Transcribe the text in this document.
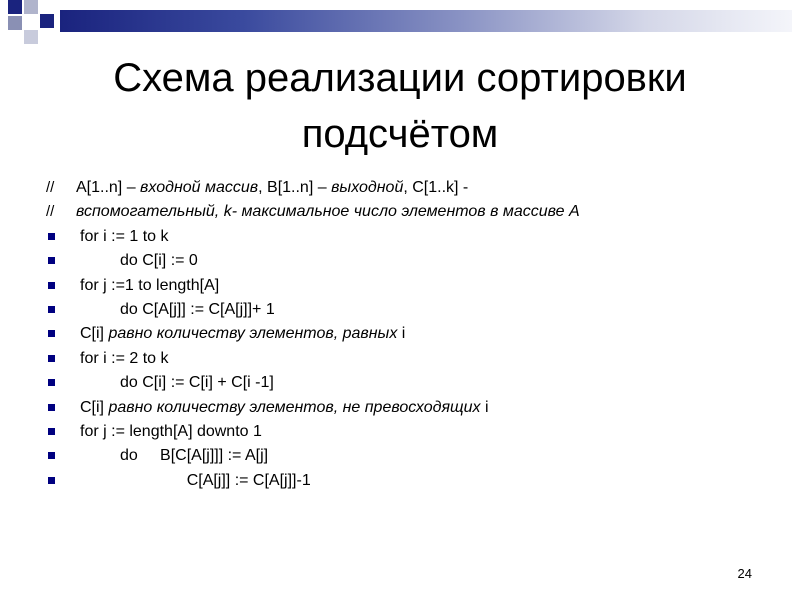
Схема реализации сортировки
подсчётом
// A[1..n] – входной массив, B[1..n] – выходной, C[1..k] -
// вспомогательный, k- максимальное число элементов в массиве A
for i := 1 to k
do C[i] := 0
for j :=1 to length[A]
do C[A[j]] := C[A[j]]+ 1
C[i] равно количеству элементов, равных i
for i := 2 to k
do C[i] := C[i] + C[i -1]
C[i] равно количеству элементов, не превосходящих i
for j := length[A] downto 1
do     B[C[A[j]]] := A[j]
C[A[j]] := C[A[j]]-1
24
